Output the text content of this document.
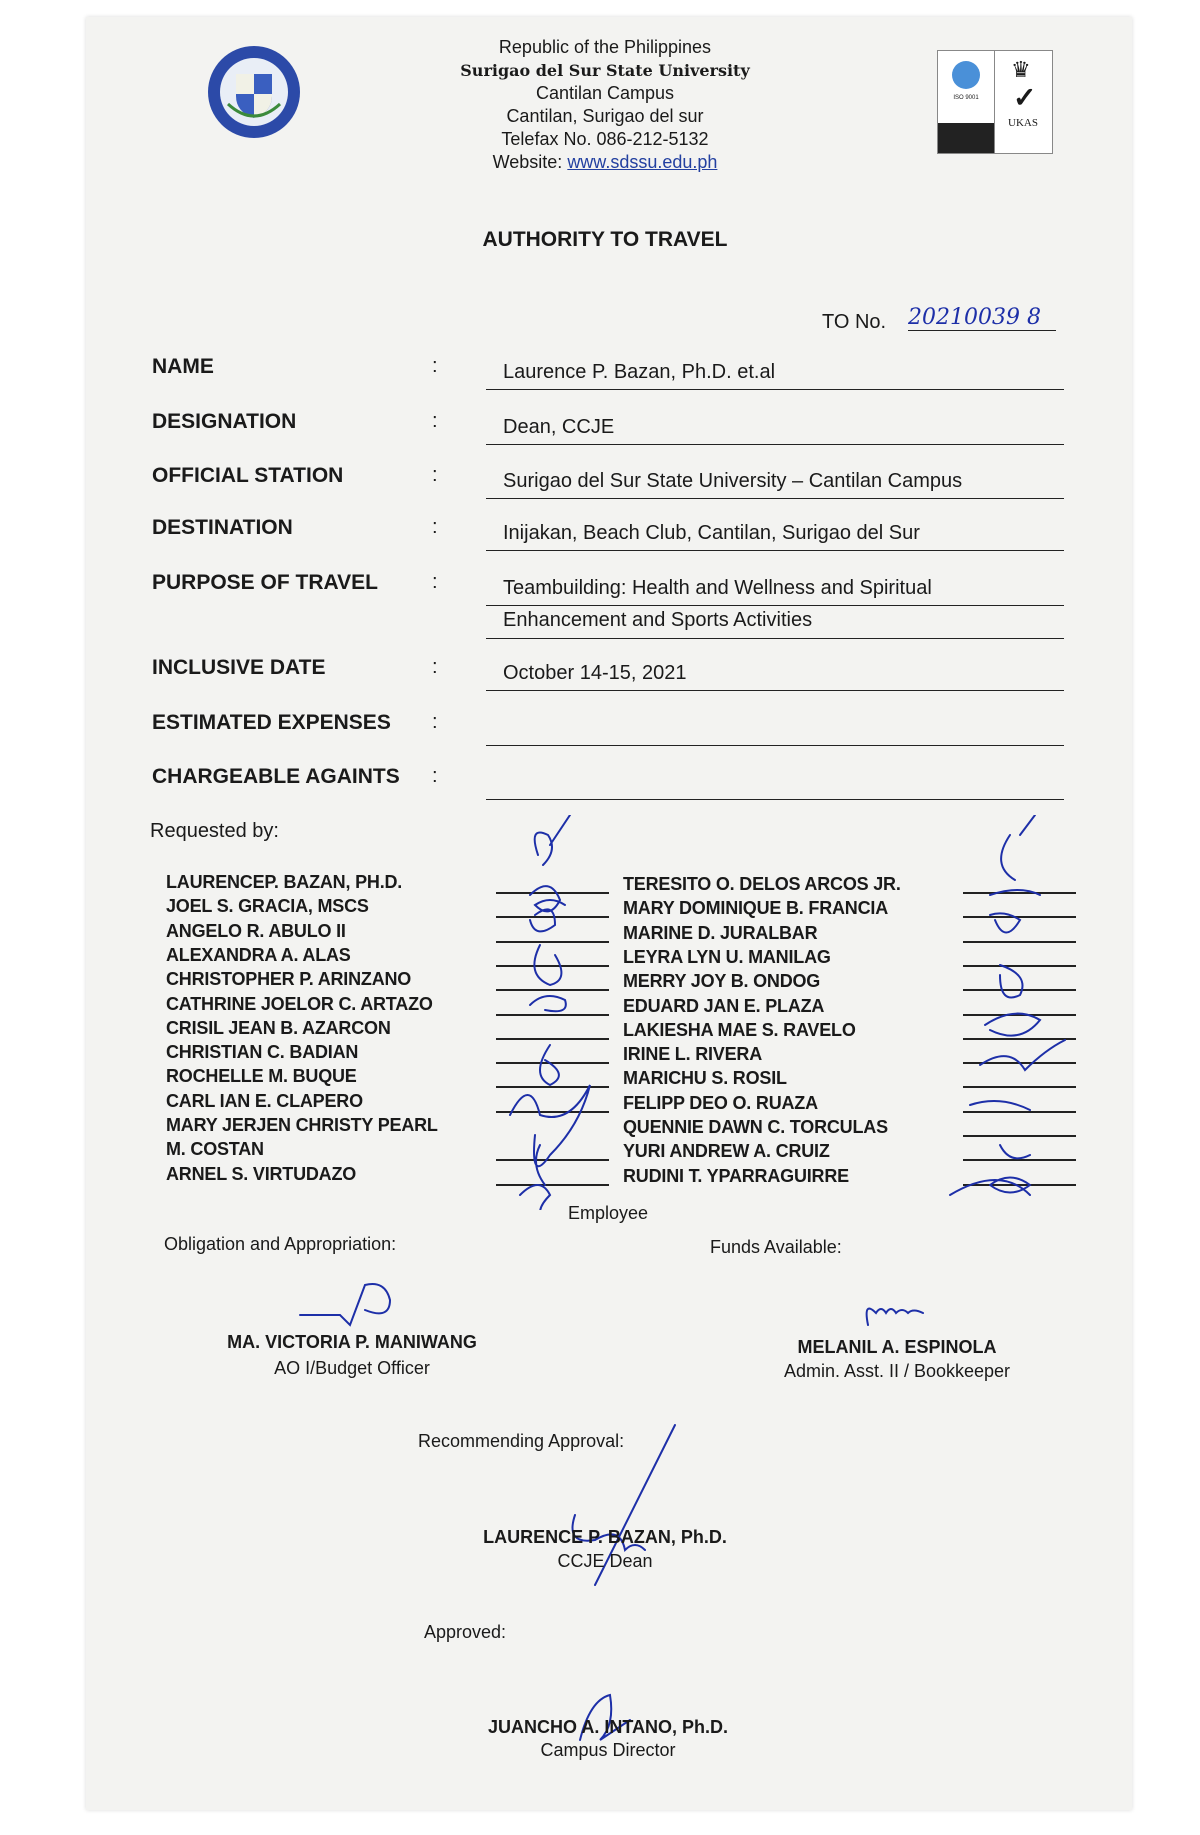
Republic of the Philippines
Surigao del Sur State University
Cantilan Campus
Cantilan, Surigao del sur
Telefax No. 086-212-5132
Website: www.sdssu.edu.ph
ISO 9001
♛
✓
UKAS
AUTHORITY TO TRAVEL
TO No. 20210039 8
NAME	:	Laurence P. Bazan, Ph.D. et.al
DESIGNATION	:	Dean, CCJE
OFFICIAL STATION	:	Surigao del Sur State University – Cantilan Campus
DESTINATION	:	Inijakan, Beach Club, Cantilan, Surigao del Sur
PURPOSE OF TRAVEL	:	Teambuilding: Health and Wellness and Spiritual
Enhancement and Sports Activities
INCLUSIVE DATE	:	October 14-15, 2021
ESTIMATED EXPENSES :
CHARGEABLE AGAINTS :
Requested by:
LAURENCEP. BAZAN, PH.D.	TERESITO O. DELOS ARCOS JR.
JOEL S. GRACIA, MSCS	MARY DOMINIQUE B. FRANCIA
ANGELO R. ABULO II	MARINE D. JURALBAR
ALEXANDRA A. ALAS	LEYRA LYN U. MANILAG
CHRISTOPHER P. ARINZANO	MERRY JOY B. ONDOG
CATHRINE JOELOR C. ARTAZO	EDUARD JAN E. PLAZA
CRISIL JEAN B. AZARCON	LAKIESHA MAE S. RAVELO
CHRISTIAN C. BADIAN	IRINE L. RIVERA
ROCHELLE M. BUQUE	MARICHU S. ROSIL
CARL IAN E. CLAPERO	FELIPP DEO O. RUAZA
MARY JERJEN CHRISTY PEARL	QUENNIE DAWN C. TORCULAS
M. COSTAN	YURI ANDREW A. CRUIZ
ARNEL S. VIRTUDAZO	RUDINI T. YPARRAGUIRRE
Employee
Obligation and Appropriation:	Funds Available:
MA. VICTORIA P. MANIWANG
AO I/Budget Officer
MELANIL A. ESPINOLA
Admin. Asst. II / Bookkeeper
Recommending Approval:
LAURENCE P. BAZAN, Ph.D.
CCJE Dean
Approved:
JUANCHO A. INTANO, Ph.D.
Campus Director
